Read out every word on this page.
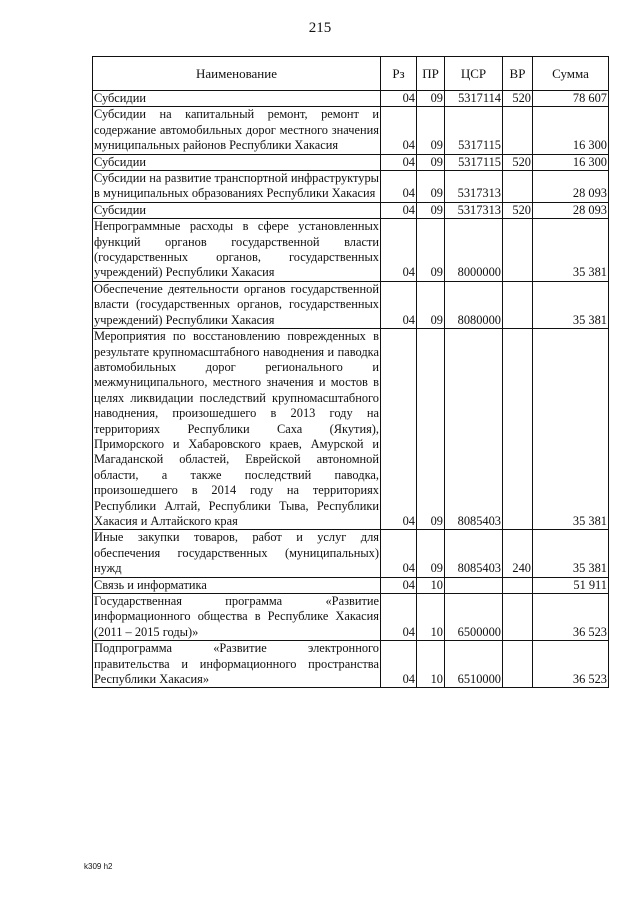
215
Наименование	Рз	ПР	ЦСР	ВР	Сумма
Субсидии	04	09	5317114	520	78 607
Субсидии на капитальный ремонт, ремонт и содержание автомобильных дорог местного значения муниципальных районов Республики Хакасия	04	09	5317115		16 300
Субсидии	04	09	5317115	520	16 300
Субсидии на развитие транспортной инфраструктуры в муниципальных образованиях Республики Хакасия	04	09	5317313		28 093
Субсидии	04	09	5317313	520	28 093
Непрограммные расходы в сфере установленных функций органов государственной власти (государственных органов, государственных учреждений) Республики Хакасия	04	09	8000000		35 381
Обеспечение деятельности органов государственной власти (государственных органов, государственных учреждений) Республики Хакасия	04	09	8080000		35 381
Мероприятия по восстановлению поврежденных в результате крупномасштабного наводнения и паводка автомобильных дорог регионального и межмуниципального, местного значения и мостов в целях ликвидации последствий крупномасштабного наводнения, произошедшего в 2013 году на территориях Республики Саха (Якутия), Приморского и Хабаровского краев, Амурской и Магаданской областей, Еврейской автономной области, а также последствий паводка, произошедшего в 2014 году на территориях Республики Алтай, Республики Тыва, Республики Хакасия и Алтайского края	04	09	8085403		35 381
Иные закупки товаров, работ и услуг для обеспечения государственных (муниципальных) нужд	04	09	8085403	240	35 381
Связь и информатика	04	10			51 911
Государственная программа «Развитие информационного общества в Республике Хакасия (2011 – 2015 годы)»	04	10	6500000		36 523
Подпрограмма «Развитие электронного правительства и информационного пространства Республики Хакасия»	04	10	6510000		36 523
k309 h2
